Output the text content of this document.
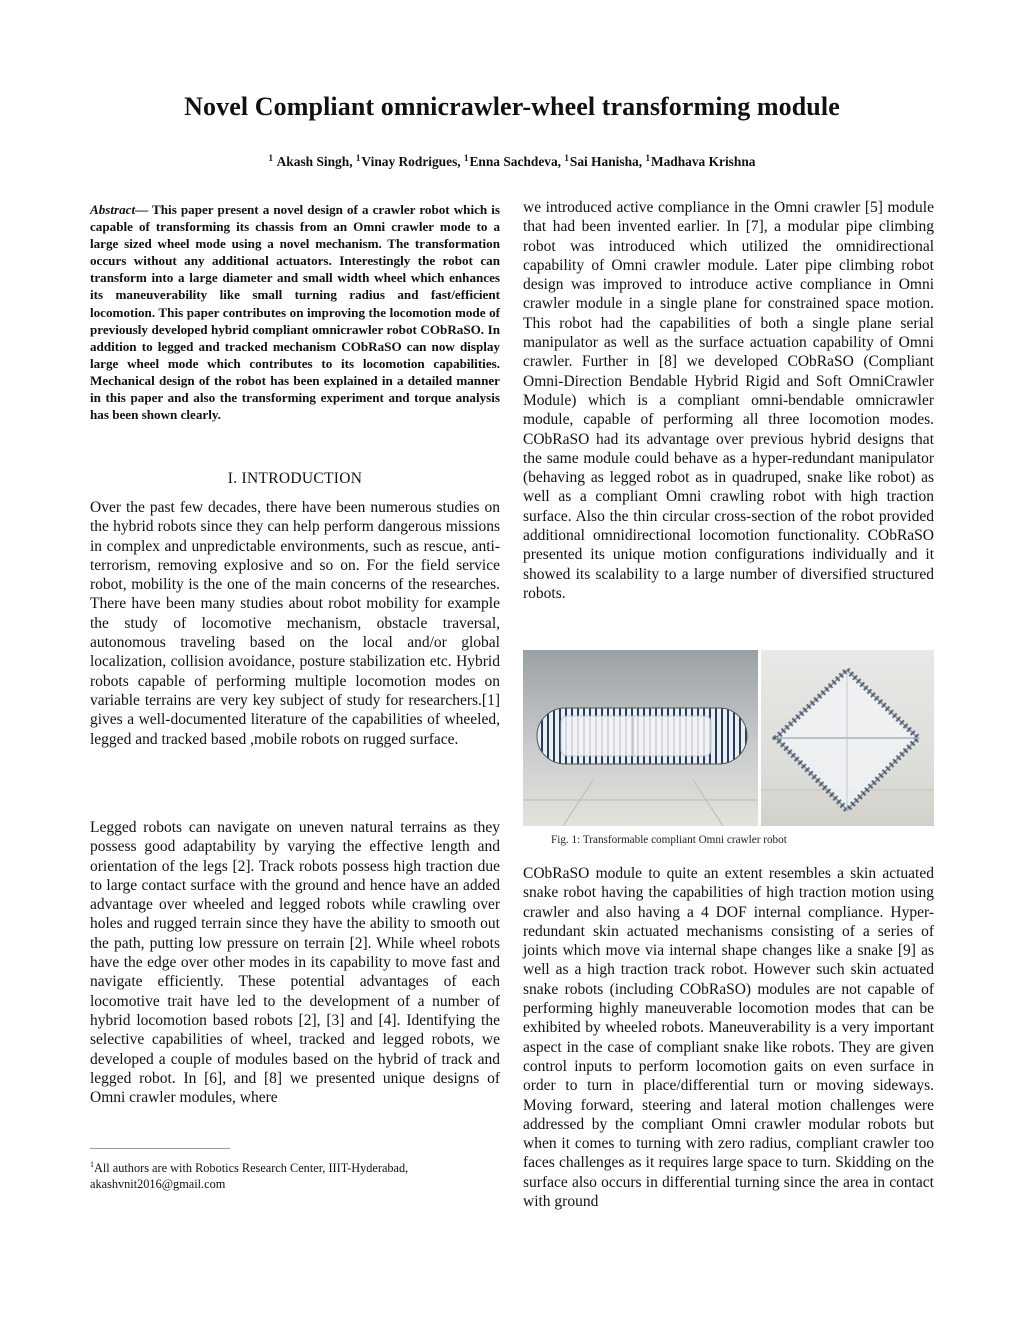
Novel Compliant omnicrawler-wheel transforming module
$^1$ Akash Singh, $^1$Vinay Rodrigues, $^1$Enna Sachdeva, $^1$Sai Hanisha, $^1$Madhava Krishna

Abstract— This paper present a novel design of a crawler robot which is capable of transforming its chassis from an Omni crawler mode to a large sized wheel mode using a novel mechanism. The transformation occurs without any additional actuators. Interestingly the robot can transform into a large diameter and small width wheel which enhances its maneuverability like small turning radius and fast/efficient locomotion. This paper contributes on improving the locomotion mode of previously developed hybrid compliant omnicrawler robot CObRaSO. In addition to legged and tracked mechanism CObRaSO can now display large wheel mode which contributes to its locomotion capabilities. Mechanical design of the robot has been explained in a detailed manner in this paper and also the transforming experiment and torque analysis has been shown clearly.

I. INTRODUCTION

Over the past few decades, there have been numerous studies on the hybrid robots since they can help perform dangerous missions in complex and unpredictable environments, such as rescue, anti-terrorism, removing explosive and so on. For the field service robot, mobility is the one of the main concerns of the researches. There have been many studies about robot mobility for example the study of locomotive mechanism, obstacle traversal, autonomous traveling based on the local and/or global localization, collision avoidance, posture stabilization etc. Hybrid robots capable of performing multiple locomotion modes on variable terrains are very key subject of study for researchers.[1] gives a well-documented literature of the capabilities of wheeled, legged and tracked based ,mobile robots on rugged surface.

Legged robots can navigate on uneven natural terrains as they possess good adaptability by varying the effective length and orientation of the legs [2]. Track robots possess high traction due to large contact surface with the ground and hence have an added advantage over wheeled and legged robots while crawling over holes and rugged terrain since they have the ability to smooth out the path, putting low pressure on terrain [2]. While wheel robots have the edge over other modes in its capability to move fast and navigate efficiently. These potential advantages of each locomotive trait have led to the development of a number of hybrid locomotion based robots [2], [3] and [4]. Identifying the selective capabilities of wheel, tracked and legged robots, we developed a couple of modules based on the hybrid of track and legged robot. In [6], and [8] we presented unique designs of Omni crawler modules, where

$^1$All authors are with Robotics Research Center, IIIT-Hyderabad,
akashvnit2016@gmail.com

we introduced active compliance in the Omni crawler [5] module that had been invented earlier. In [7], a modular pipe climbing robot was introduced which utilized the omnidirectional capability of Omni crawler module. Later pipe climbing robot design was improved to introduce active compliance in Omni crawler module in a single plane for constrained space motion. This robot had the capabilities of both a single plane serial manipulator as well as the surface actuation capability of Omni crawler. Further in [8] we developed CObRaSO (Compliant Omni-Direction Bendable Hybrid Rigid and Soft OmniCrawler Module) which is a compliant omni-bendable omnicrawler module, capable of performing all three locomotion modes. CObRaSO had its advantage over previous hybrid designs that the same module could behave as a hyper-redundant manipulator (behaving as legged robot as in quadruped, snake like robot) as well as a compliant Omni crawling robot with high traction surface. Also the thin circular cross-section of the robot provided additional omnidirectional locomotion functionality. CObRaSO presented its unique motion configurations individually and it showed its scalability to a large number of diversified structured robots.

Fig. 1: Transformable compliant Omni crawler robot

CObRaSO module to quite an extent resembles a skin actuated snake robot having the capabilities of high traction motion using crawler and also having a 4 DOF internal compliance. Hyper-redundant skin actuated mechanisms consisting of a series of joints which move via internal shape changes like a snake [9] as well as a high traction track robot. However such skin actuated snake robots (including CObRaSO) modules are not capable of performing highly maneuverable locomotion modes that can be exhibited by wheeled robots. Maneuverability is a very important aspect in the case of compliant snake like robots. They are given control inputs to perform locomotion gaits on even surface in order to turn in place/differential turn or moving sideways. Moving forward, steering and lateral motion challenges were addressed by the compliant Omni crawler modular robots but when it comes to turning with zero radius, compliant crawler too faces challenges as it requires large space to turn. Skidding on the surface also occurs in differential turning since the area in contact with ground
